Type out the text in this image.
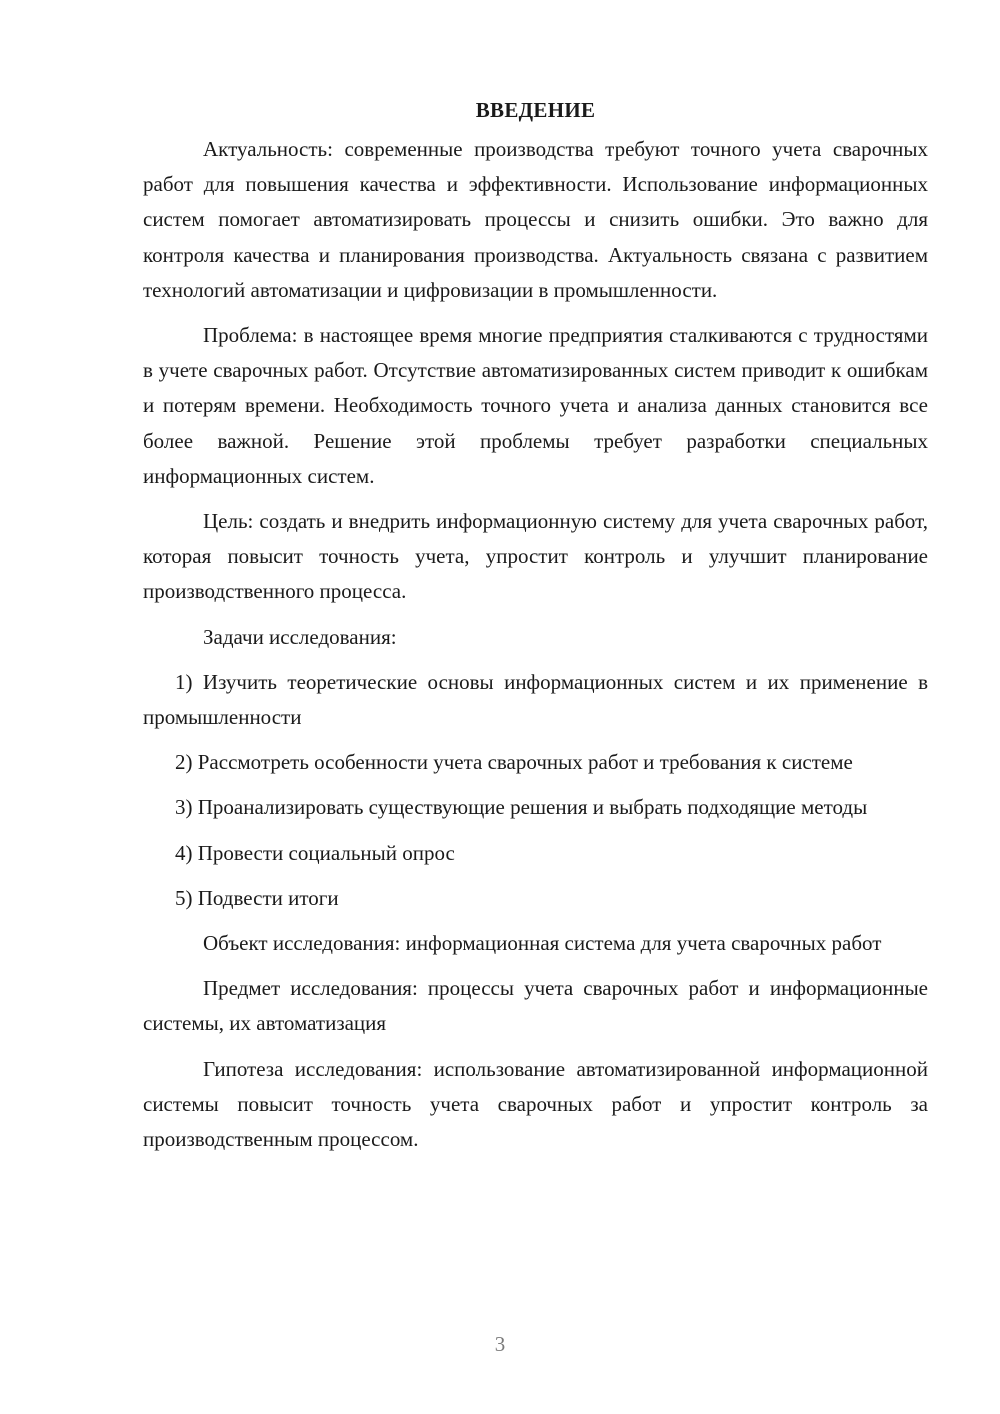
ВВЕДЕНИЕ

Актуальность: современные производства требуют точного учета сварочных работ для повышения качества и эффективности. Использование информационных систем помогает автоматизировать процессы и снизить ошибки. Это важно для контроля качества и планирования производства. Актуальность связана с развитием технологий автоматизации и цифровизации в промышленности.

Проблема: в настоящее время многие предприятия сталкиваются с трудностями в учете сварочных работ. Отсутствие автоматизированных систем приводит к ошибкам и потерям времени. Необходимость точного учета и анализа данных становится все более важной. Решение этой проблемы требует разработки специальных информационных систем.

Цель: создать и внедрить информационную систему для учета сварочных работ, которая повысит точность учета, упростит контроль и улучшит планирование производственного процесса.

Задачи исследования:

1) Изучить теоретические основы информационных систем и их применение в промышленности

2) Рассмотреть особенности учета сварочных работ и требования к системе

3) Проанализировать существующие решения и выбрать подходящие методы

4) Провести социальный опрос

5) Подвести итоги

Объект исследования: информационная система для учета сварочных работ

Предмет исследования: процессы учета сварочных работ и информационные системы, их автоматизация

Гипотеза исследования: использование автоматизированной информационной системы повысит точность учета сварочных работ и упростит контроль за производственным процессом.

3
